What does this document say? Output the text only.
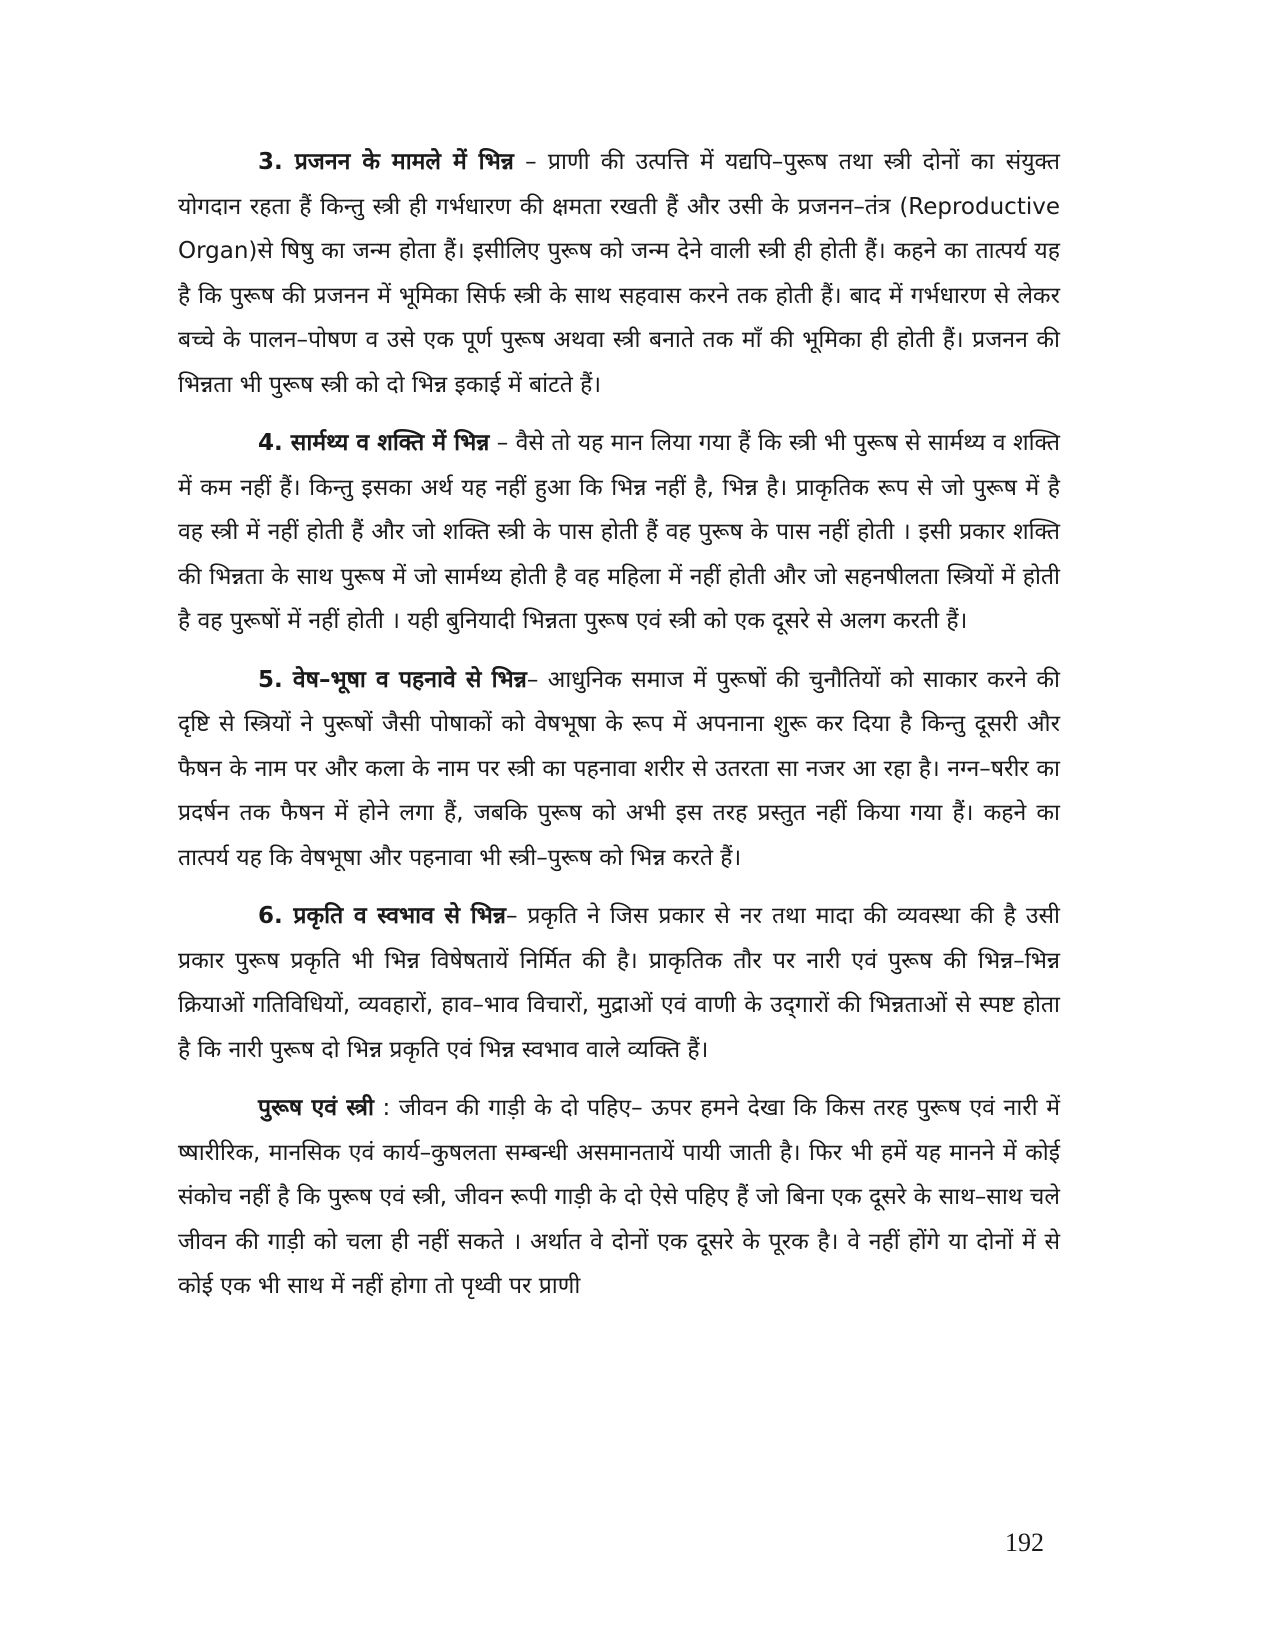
3. प्रजनन के मामले में भिन्न – प्राणी की उत्पत्ति में यद्यपि–पुरूष तथा स्त्री दोनों का संयुक्त योगदान रहता हैं किन्तु स्त्री ही गर्भधारण की क्षमता रखती हैं और उसी के प्रजनन–तंत्र (Reproductive Organ)से षिषु का जन्म होता हैं। इसीलिए पुरूष को जन्म देने वाली स्त्री ही होती हैं। कहने का तात्पर्य यह है कि पुरूष की प्रजनन में भूमिका सिर्फ स्त्री के साथ सहवास करने तक होती हैं। बाद में गर्भधारण से लेकर बच्चे के पालन–पोषण व उसे एक पूर्ण पुरूष अथवा स्त्री बनाते तक माँ की भूमिका ही होती हैं। प्रजनन की भिन्नता भी पुरूष स्त्री को दो भिन्न इकाई में बांटते हैं।

4. सार्मथ्य व शक्ति में भिन्न – वैसे तो यह मान लिया गया हैं कि स्त्री भी पुरूष से सार्मथ्य व शक्ति में कम नहीं हैं। किन्तु इसका अर्थ यह नहीं हुआ कि भिन्न नहीं है, भिन्न है। प्राकृतिक रूप से जो पुरूष में है वह स्त्री में नहीं होती हैं और जो शक्ति स्त्री के पास होती हैं वह पुरूष के पास नहीं होती । इसी प्रकार शक्ति की भिन्नता के साथ पुरूष में जो सार्मथ्य होती है वह महिला में नहीं होती और जो सहनषीलता स्त्रियों में होती है वह पुरूषों में नहीं होती । यही बुनियादी भिन्नता पुरूष एवं स्त्री को एक दूसरे से अलग करती हैं।

5. वेष–भूषा व पहनावे से भिन्न– आधुनिक समाज में पुरूषों की चुनौतियों को साकार करने की दृष्टि से स्त्रियों ने पुरूषों जैसी पोषाकों को वेषभूषा के रूप में अपनाना शुरू कर दिया है किन्तु दूसरी और फैषन के नाम पर और कला के नाम पर स्त्री का पहनावा शरीर से उतरता सा नजर आ रहा है। नग्न–षरीर का प्रदर्षन तक फैषन में होने लगा हैं, जबकि पुरूष को अभी इस तरह प्रस्तुत नहीं किया गया हैं। कहने का तात्पर्य यह कि वेषभूषा और पहनावा भी स्त्री–पुरूष को भिन्न करते हैं।

6. प्रकृति व स्वभाव से भिन्न– प्रकृति ने जिस प्रकार से नर तथा मादा की व्यवस्था की है उसी प्रकार पुरूष प्रकृति भी भिन्न विषेषतायें निर्मित की है। प्राकृतिक तौर पर नारी एवं पुरूष की भिन्न–भिन्न क्रियाओं गतिविधियों, व्यवहारों, हाव–भाव विचारों, मुद्राओं एवं वाणी के उद्‌गारों की भिन्नताओं से स्पष्ट होता है कि नारी पुरूष दो भिन्न प्रकृति एवं भिन्न स्वभाव वाले व्यक्ति हैं।

पुरूष एवं स्त्री : जीवन की गाड़ी के दो पहिए– ऊपर हमने देखा कि किस तरह पुरूष एवं नारी में ष्षारीरिक, मानसिक एवं कार्य–कुषलता सम्बन्धी असमानतायें पायी जाती है। फिर भी हमें यह मानने में कोई संकोच नहीं है कि पुरूष एवं स्त्री, जीवन रूपी गाड़ी के दो ऐसे पहिए हैं जो बिना एक दूसरे के साथ–साथ चले जीवन की गाड़ी को चला ही नहीं सकते । अर्थात वे दोनों एक दूसरे के पूरक है। वे नहीं होंगे या दोनों में से कोई एक भी साथ में नहीं होगा तो पृथ्वी पर प्राणी

192
